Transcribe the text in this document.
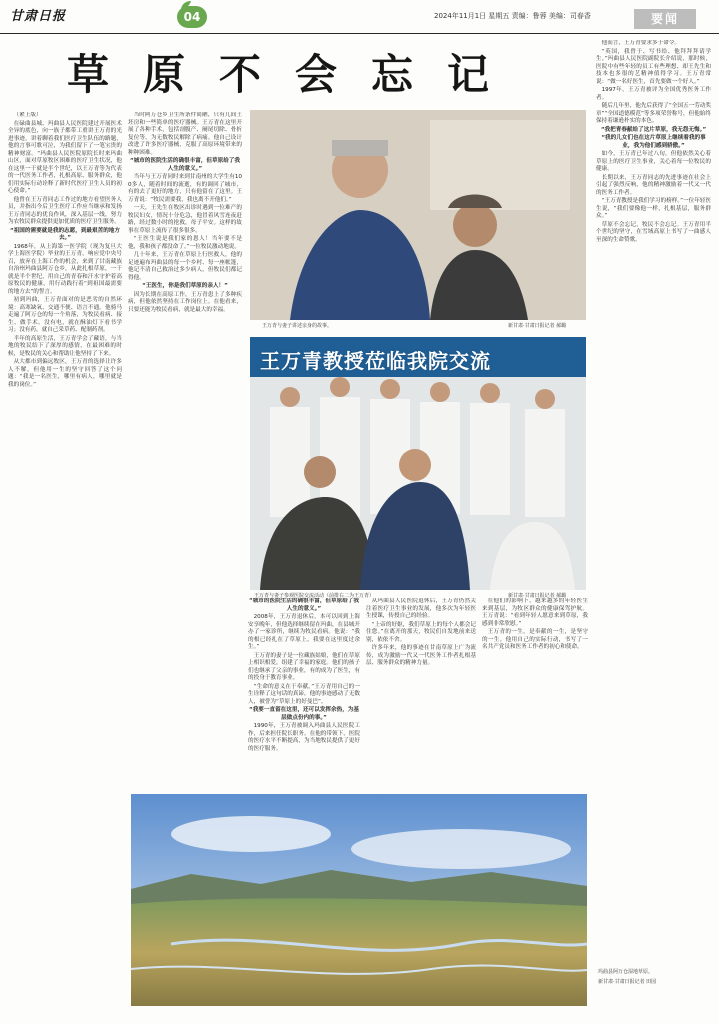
甘肃日报	04	2024年11月1日 星期五 责编：鲁蓉 美编：司春香	要闻
草原不会忘记

（紧上版）

在碌曲县城、玛曲县人民医院建过开展医术全异的底色，向一族子都带工重讲王万青的光进事迹，讲着聊着我们医疗卫生队伍的路题，他的言事可歌可泣，为我们留下了一笔宝贵的精神财富。“玛曲县人民医院原院长时来玛曲山区，面对草原牧区困难的医疗卫生状况，他在这里一干就是半个世纪，以王万青等为代表的一代医务工作者，扎根高原、服务群众，他们用实际行动诠释了新时代医疗卫生人员的初心使命。”

他曾在王万青同志工作过的地方看望医务人员，并指出今后卫生医疗工作应当继承和发扬王万青同志的优良作风，深入基层一线，努力为农牧民群众提供更加优质的医疗卫生服务。

“祖国的需要就是我的志愿，到最艰苦的地方去。”

1968年，从上海第一医学院（现为复旦大学上海医学院）毕业的王万青，响应党中央号召，放弃在上海工作的机会，来到了甘南藏族自治州玛曲县阿万仓乡，从此扎根草原，一干就是半个世纪，用自己的青春和汗水守护着高原牧民的健康，用行动践行着“到祖国最需要的地方去”的誓言。

初到玛曲，王万青面对的是恶劣的自然环境：高寒缺氧、交通不便、语言不通。他骑马走遍了阿万仓的每一个角落，为牧民看病、接生、做手术。没有电，就在酥油灯下看书学习；没有药，就自己采草药、配制药剂。

半年的高原生活，王万青学会了藏语，与当地的牧民结下了深厚的感情，在最困难的时候，是牧民的关心和帮助让他坚持了下来。

从大都市到偏远牧区，王万青的选择让许多人不解，但他用一生的坚守回答了这个问题：“我是一名医生，哪里有病人，哪里就是我的岗位。”

当时阿万仓乡卫生所条件简陋，只有几间土坯房和一些简单的医疗器械。王万青在这里开展了各种手术，包括剖腹产、阑尾切除、骨折复位等，为无数牧民解除了病痛。他自己设计改进了许多医疗器械，克服了高原环境带来的种种困难。

“城市的医院生活的确很丰富，但草原给了我人生的意义。”

当年与王万青同时来到甘南州的大学生有100多人，随着时间的流逝，有的调回了城市，有的去了更好的地方，只有他留在了这里。王万青说：“牧民需要我，我也离不开他们。”

一天，王先生在牧区出诊时遇到一位难产的牧民妇女，情况十分危急，他冒着风雪连夜赶路，经过数小时的抢救，母子平安。这样的故事在草原上流传了很多很多。

“王医生说是我们家的恩人！当年要不是他，我和孩子都没命了。”一位牧民激动地说。

几十年来，王万青在草原上行医救人，他的足迹遍布玛曲县的每一个乡村、每一座帐篷，他记不清自己救治过多少病人，但牧民们都记得他。

“王医生，你是我们草原的亲人！”

因为长期在高原工作，王万青患上了多种疾病，但他依然坚持在工作岗位上。在他看来，只要还能为牧民看病，就是最大的幸福。

“城市的医院生活的确很丰富，但草原给了我人生的意义。”

2008年，王万青退休后，本可以回到上海安享晚年，但他选择继续留在玛曲，在县城开办了一家诊所，继续为牧民看病。他说：“我的根已经扎在了草原上，我要在这里度过余生。”

王万青的妻子是一位藏族姑娘，他们在草原上相识相爱，组建了幸福的家庭。他们的孩子们也继承了父亲的事业，有的成为了医生，有的投身于教育事业。

“生命的意义在于奉献。”王万青用自己的一生诠释了这句话的真谛，他的事迹感动了无数人，被誉为“草原上的好曼巴”。

“我要一直留在这里，还可以发挥余热，为基层做点份内的事。”

1990年，王万青被调入玛曲县人民医院工作，后来担任院长职务。在他的带领下，医院的医疗水平不断提高，为当地牧民提供了更好的医疗服务。

从玛曲县人民医院退休后，王万青仍然关注着医疗卫生事业的发展，他多次为年轻医生授课，传授自己的经验。

“上帝的好妪，我们草原上的每个人都会记住您。”在离开的那天，牧民们自发地前来送别，依依不舍。

许多年来，他的事迹在甘南草原上广为流传，成为激励一代又一代医务工作者扎根基层、服务群众的精神力量。

在他们的影响下，越来越多的年轻医生来到基层，为牧区群众的健康保驾护航。王万青说：“看到年轻人愿意来到草原，我感到非常欣慰。”

王万青的一生，是奉献的一生，是坚守的一生。他用自己的实际行动，书写了一名共产党员和医务工作者的初心和使命。

他而言，王万青要求多于命令。

“英国，我曾于、写书给、他拜拜拜请学生。”玛曲县人民医院副院长介绍说，那时候，医院中有些年轻的员工有些理想、却王先生和技本也多很的艺精神值得学习。王万青常说：“做一名好医生，首先要做一个好人。”

1997年，王万青被评为全国优秀医务工作者。

随后几年里，他先后获得了“全国五一劳动奖章”“全国道德模范”等多项荣誉称号，但他始终保持着谦逊朴实的本色。

“我把青春献给了这片草原，我无怨无悔。”

“我的儿女们也在这片草原上继续着我的事业，我为他们感到骄傲。”

如今，王万青已年过八旬，但他依然关心着草原上的医疗卫生事业，关心着每一位牧民的健康。

长期以来，王万青同志的先进事迹在社会上引起了强烈反响，他的精神激励着一代又一代的医务工作者。

“王万青教授是我们学习的榜样。”一位年轻医生说，“我们要像他一样，扎根基层，服务群众。”

草原不会忘记，牧民不会忘记。王万青用半个世纪的坚守，在雪域高原上书写了一曲感人至深的生命赞歌。

王万青与妻子讲述亲身的故事。	新甘肃·甘肃日报记者 郝璐
王万青教授莅临我院交流
王万青与妻子参观医院交流活动（前排右二为王万青）	新甘肃·甘肃日报记者 郝璐
玛曲县阿万仓湿地草原。
新甘肃·甘肃日报记者 田园
